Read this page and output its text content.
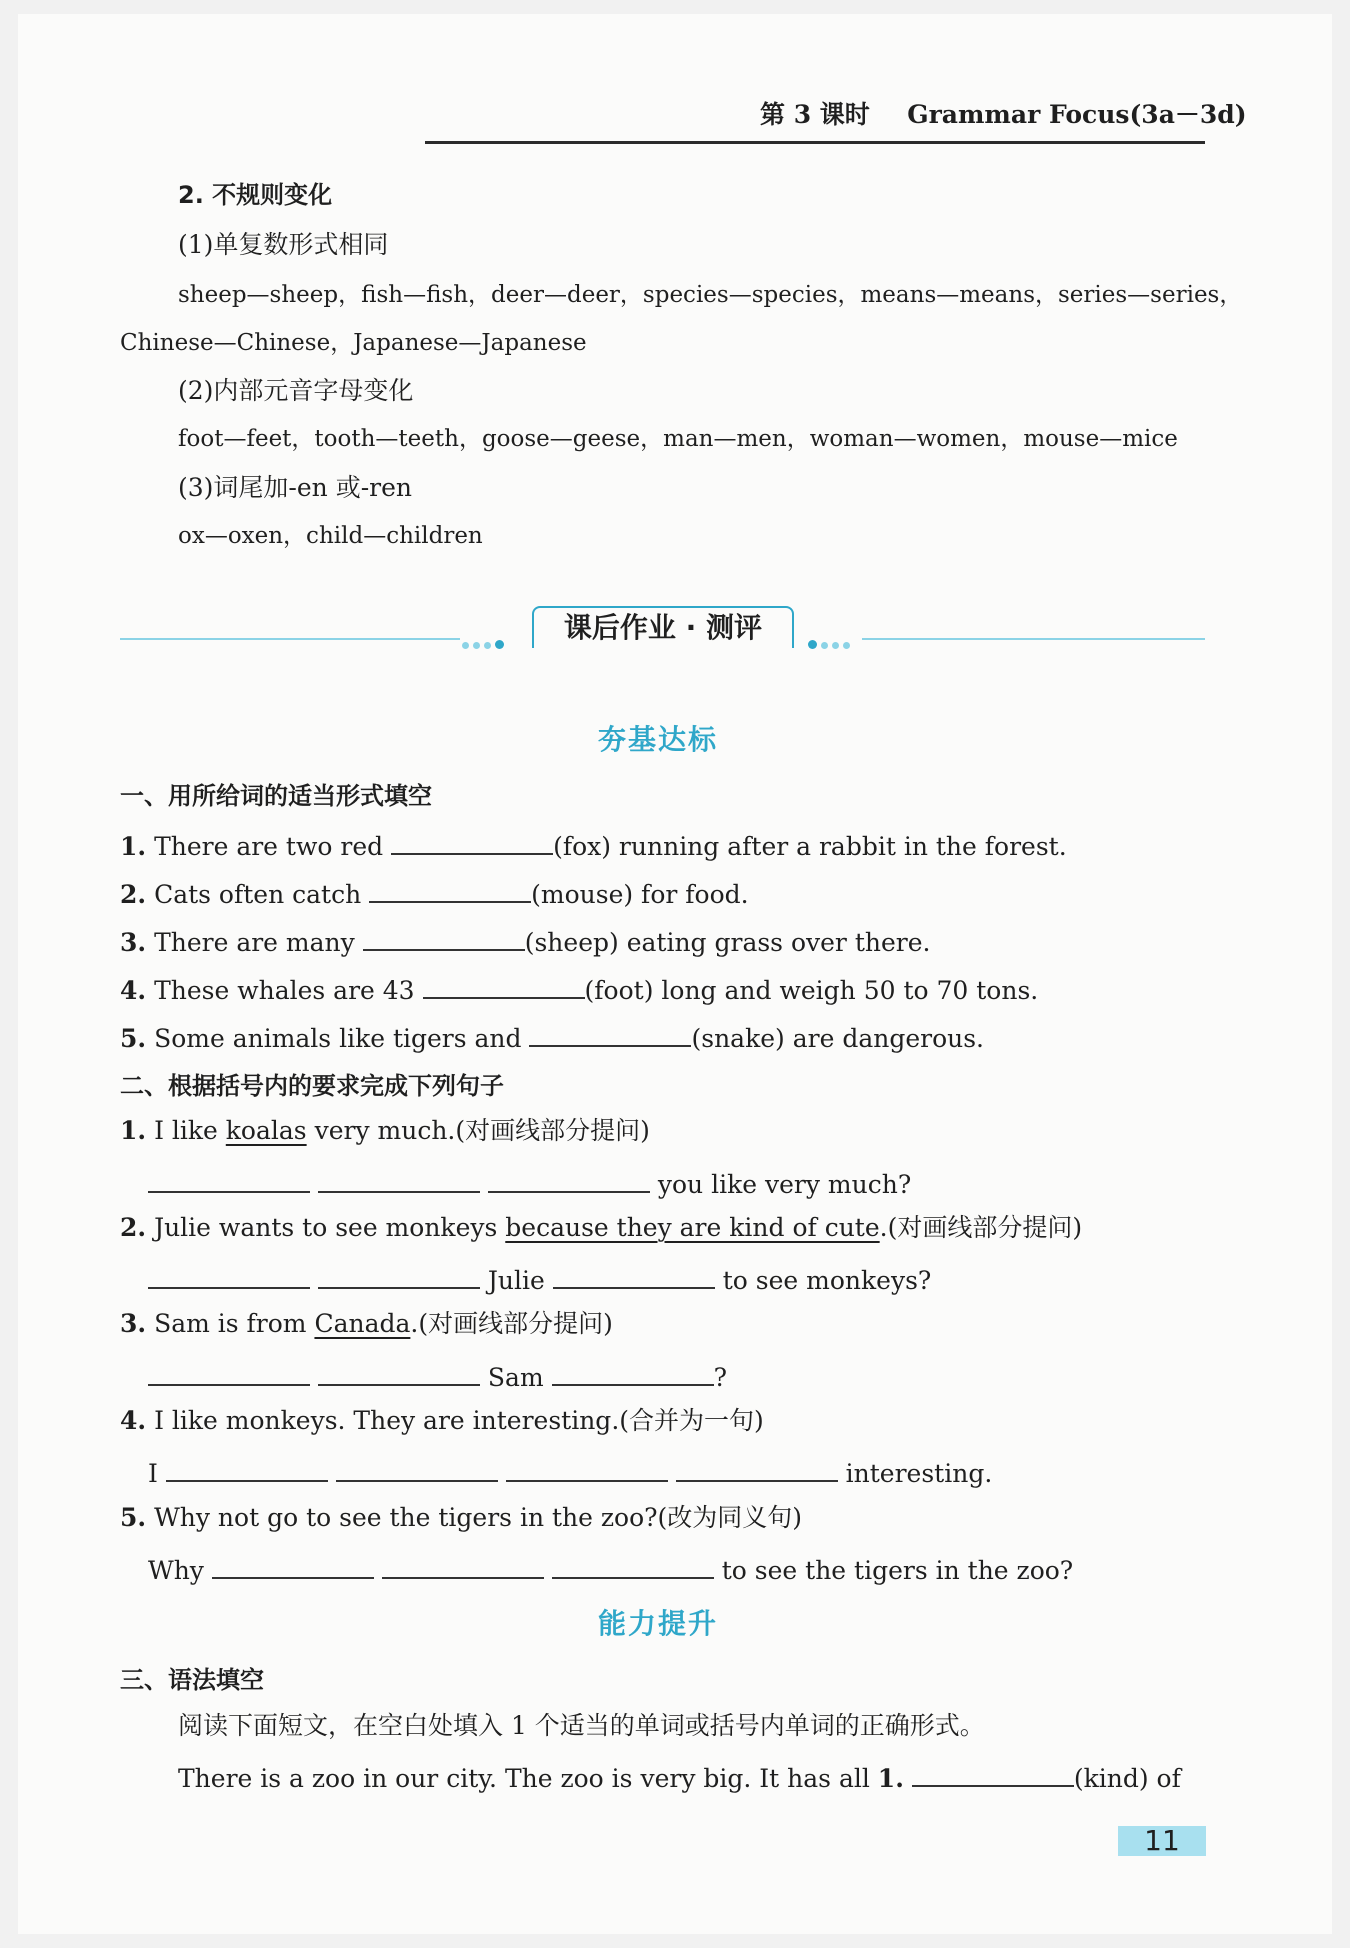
第 3 课时 Grammar Focus(3a－3d)
2. 不规则变化
(1)单复数形式相同
sheep—sheep，fish—fish，deer—deer，species—species，means—means，series—series，
Chinese—Chinese，Japanese—Japanese
(2)内部元音字母变化
foot—feet，tooth—teeth，goose—geese，man—men，woman—women，mouse—mice
(3)词尾加-en 或-ren
ox—oxen，child—children
课后作业 · 测评
夯基达标
一、用所给词的适当形式填空
1. There are two red	(fox) running after a rabbit in the forest.
2. Cats often catch	(mouse) for food.
3. There are many	(sheep) eating grass over there.
4. These whales are 43	(foot) long and weigh 50 to 70 tons.
5. Some animals like tigers and	(snake) are dangerous.
二、根据括号内的要求完成下列句子
1. I like koalas very much.(对画线部分提问)
you like very much?
2. Julie wants to see monkeys because they are kind of cute.(对画线部分提问)
Julie	to see monkeys?
3. Sam is from Canada.(对画线部分提问)
Sam	?
4. I like monkeys. They are interesting.(合并为一句)
I	interesting.
5. Why not go to see the tigers in the zoo?(改为同义句)
Why	to see the tigers in the zoo?
能力提升
三、语法填空
阅读下面短文，在空白处填入 1 个适当的单词或括号内单词的正确形式。
There is a zoo in our city. The zoo is very big. It has all 1.	(kind) of
11
